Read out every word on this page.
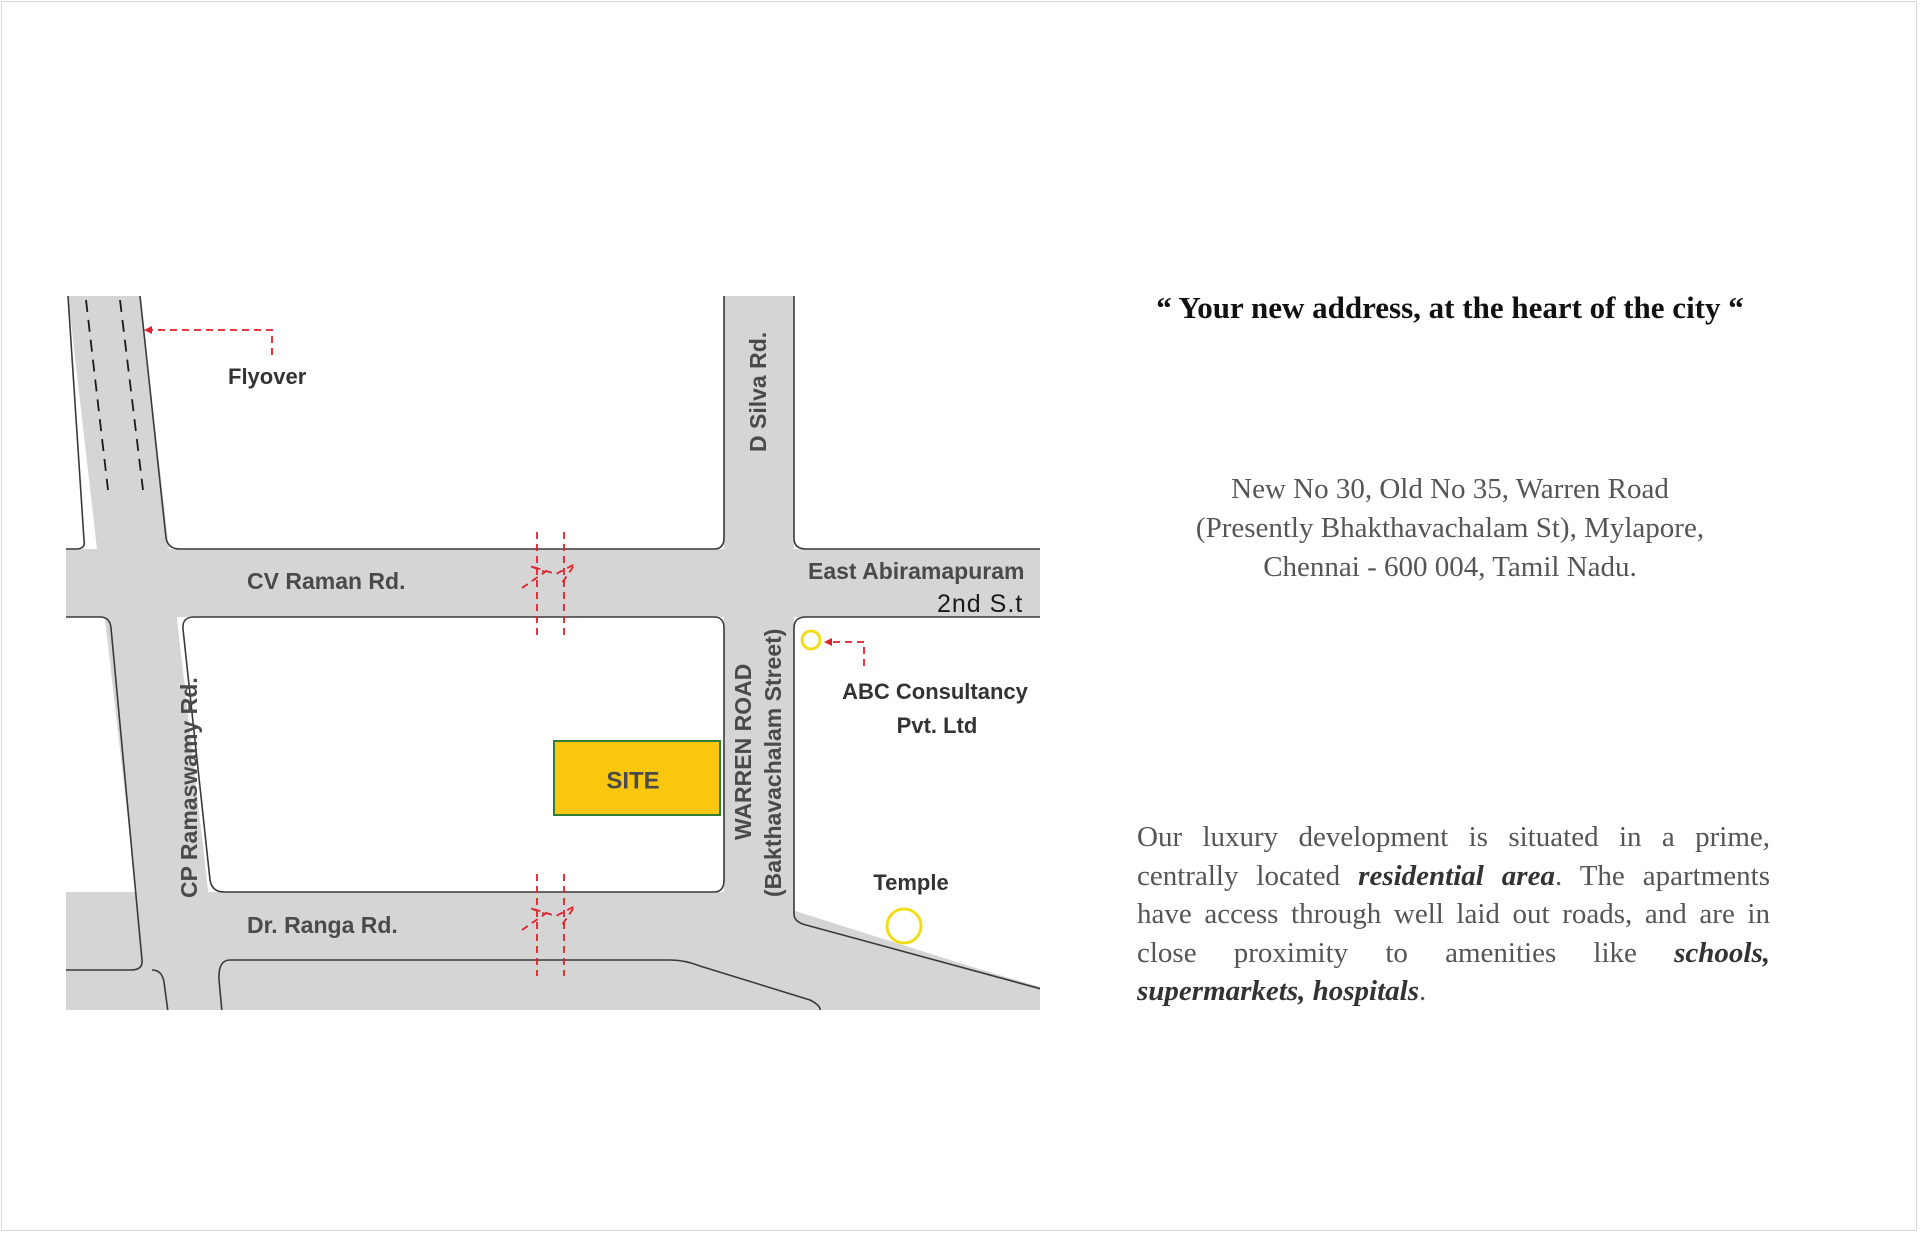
SITE
Flyover	D Silva Rd.
CV Raman Rd.	East Abiramapuram
2nd S.t
CP Ramaswamy Rd.	WARREN ROAD (Bakthavachalam Street)
Dr. Ranga Rd.
ABC Consultancy
Pvt. Ltd
Temple
“ Your new address, at the heart of the city “
New No 30, Old No 35, Warren Road
(Presently Bhakthavachalam St), Mylapore,
Chennai - 600 004, Tamil Nadu.
Our luxury development is situated in a prime, centrally located residential area. The apartments have access through well laid out roads, and are in close proximity to amenities like schools, supermarkets, hospitals.
